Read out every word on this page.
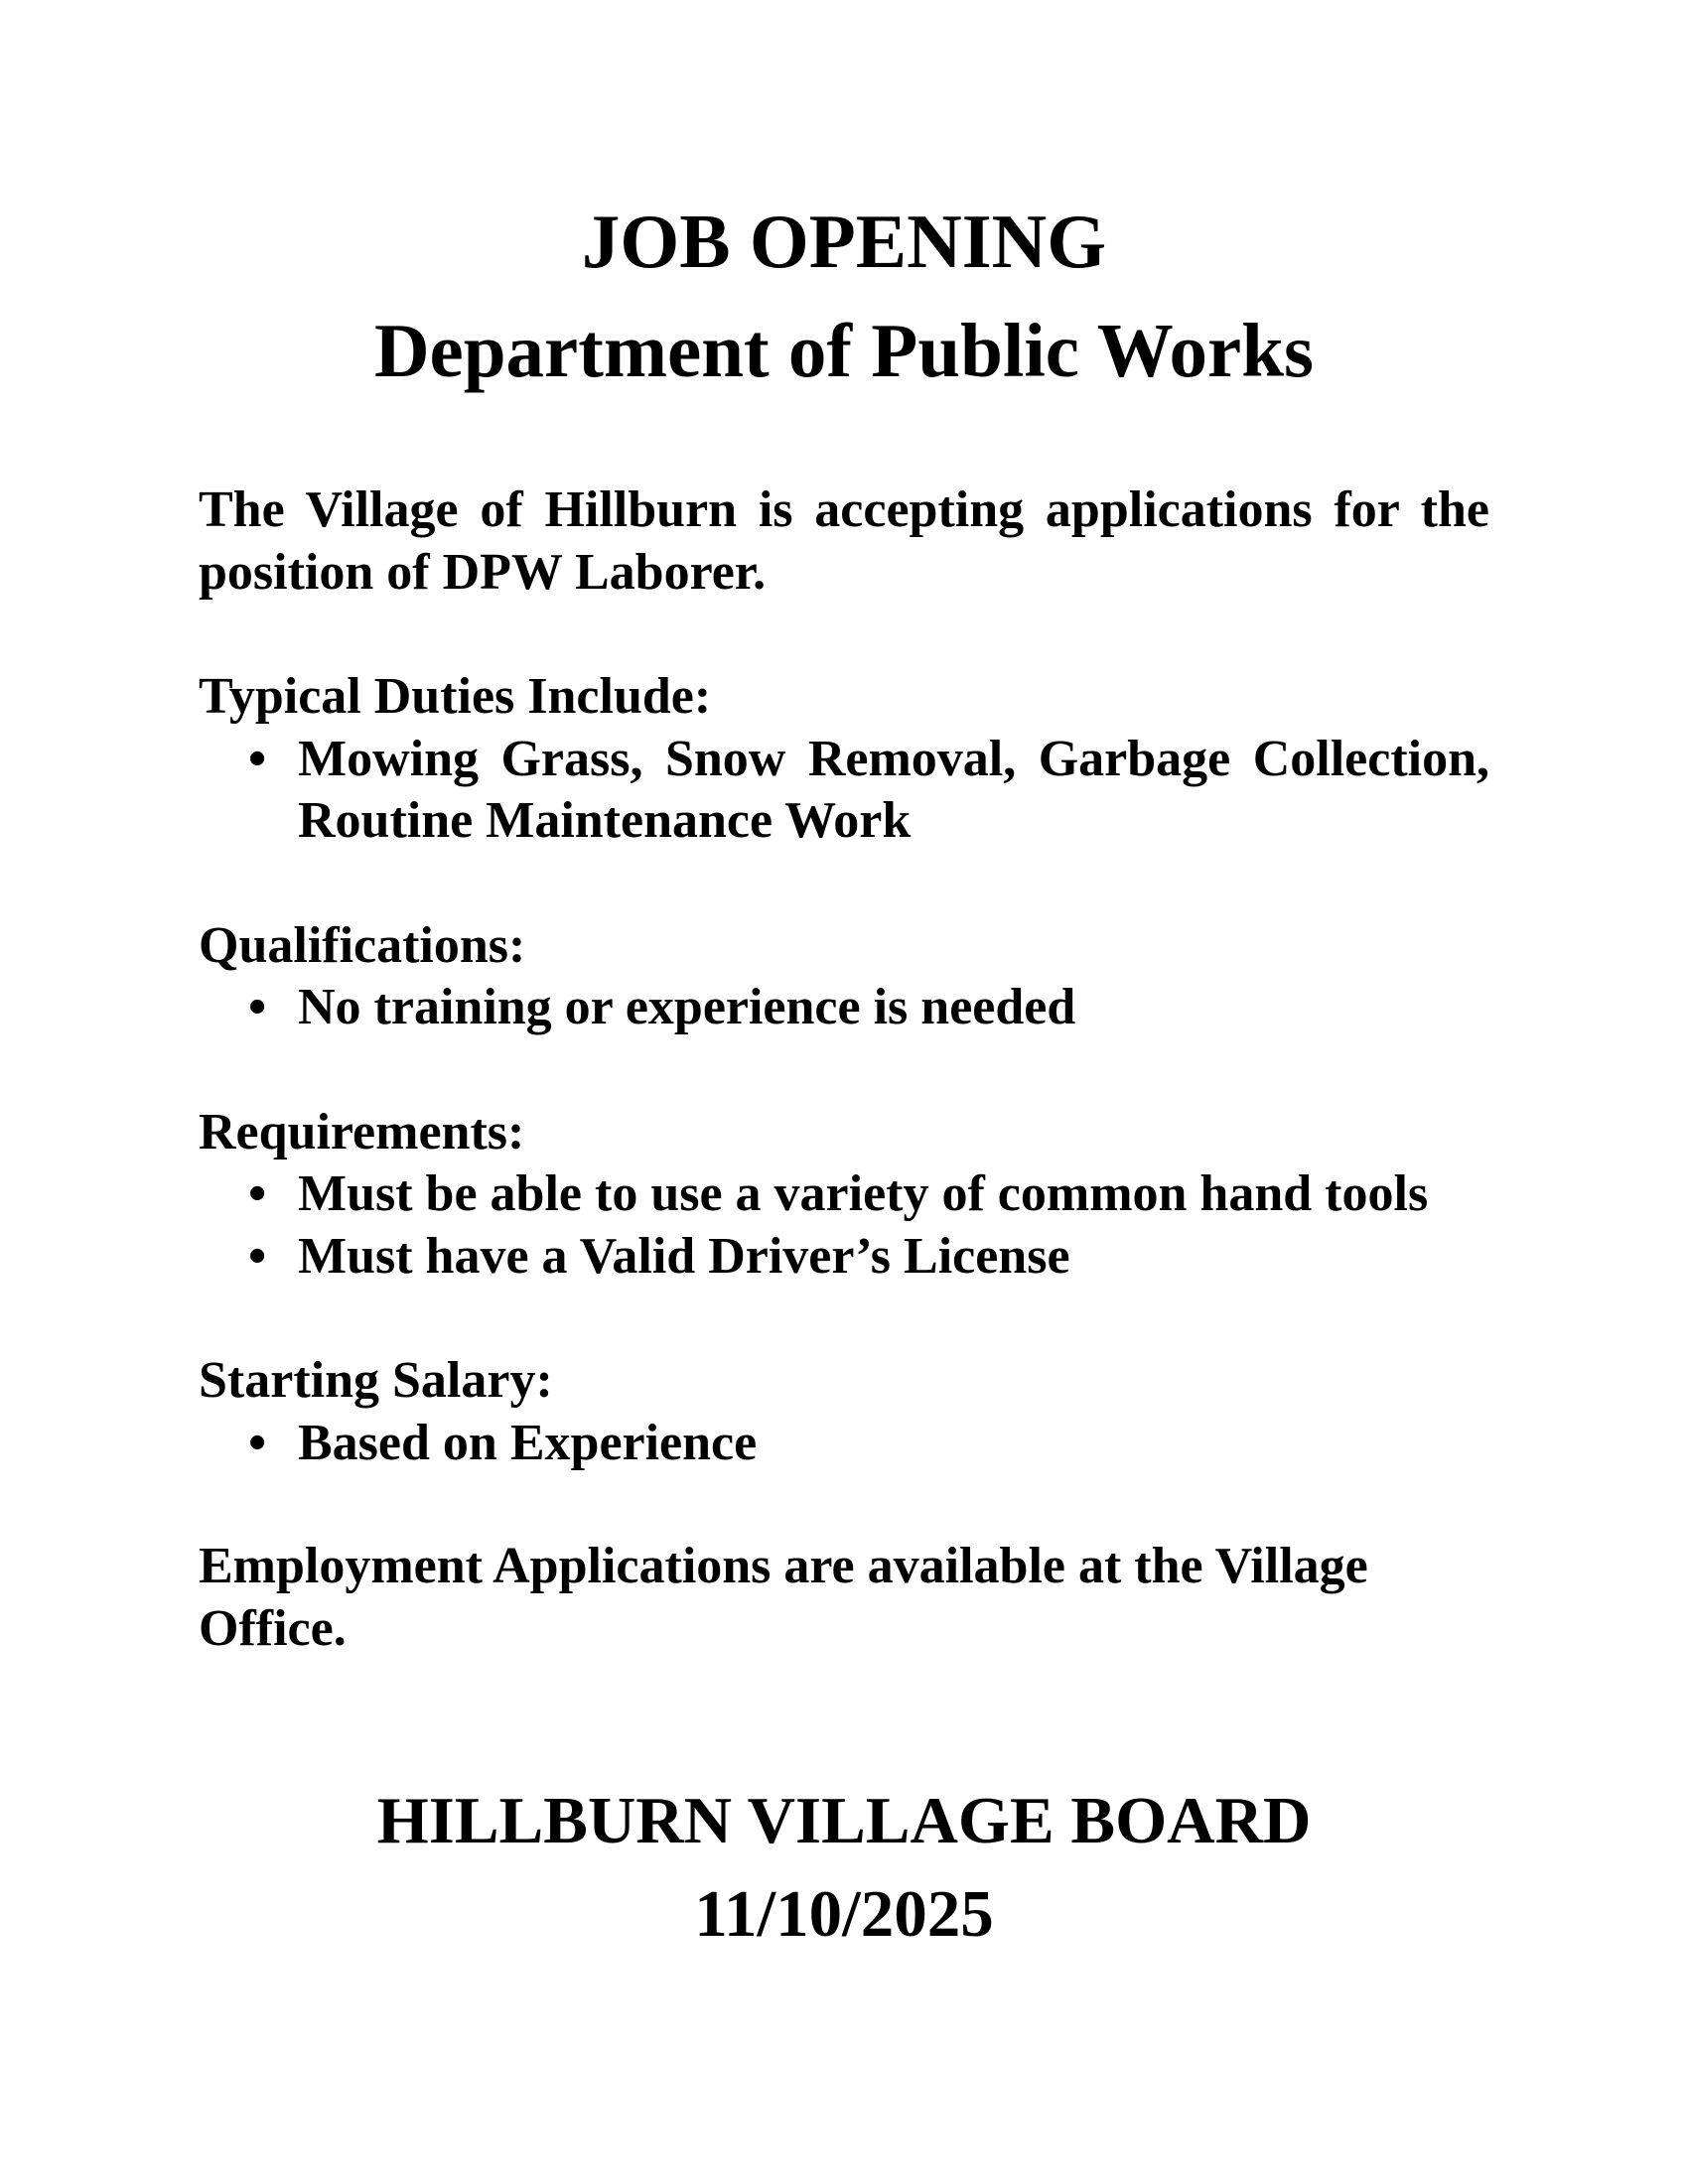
JOB OPENING
Department of Public Works
The Village of Hillburn is accepting applications for the
position of DPW Laborer.
Typical Duties Include:
• Mowing Grass, Snow Removal, Garbage Collection,
Routine Maintenance Work
Qualifications:
• No training or experience is needed
Requirements:
• Must be able to use a variety of common hand tools
• Must have a Valid Driver’s License
Starting Salary:
• Based on Experience
Employment Applications are available at the Village Office.
HILLBURN VILLAGE BOARD
11/10/2025
